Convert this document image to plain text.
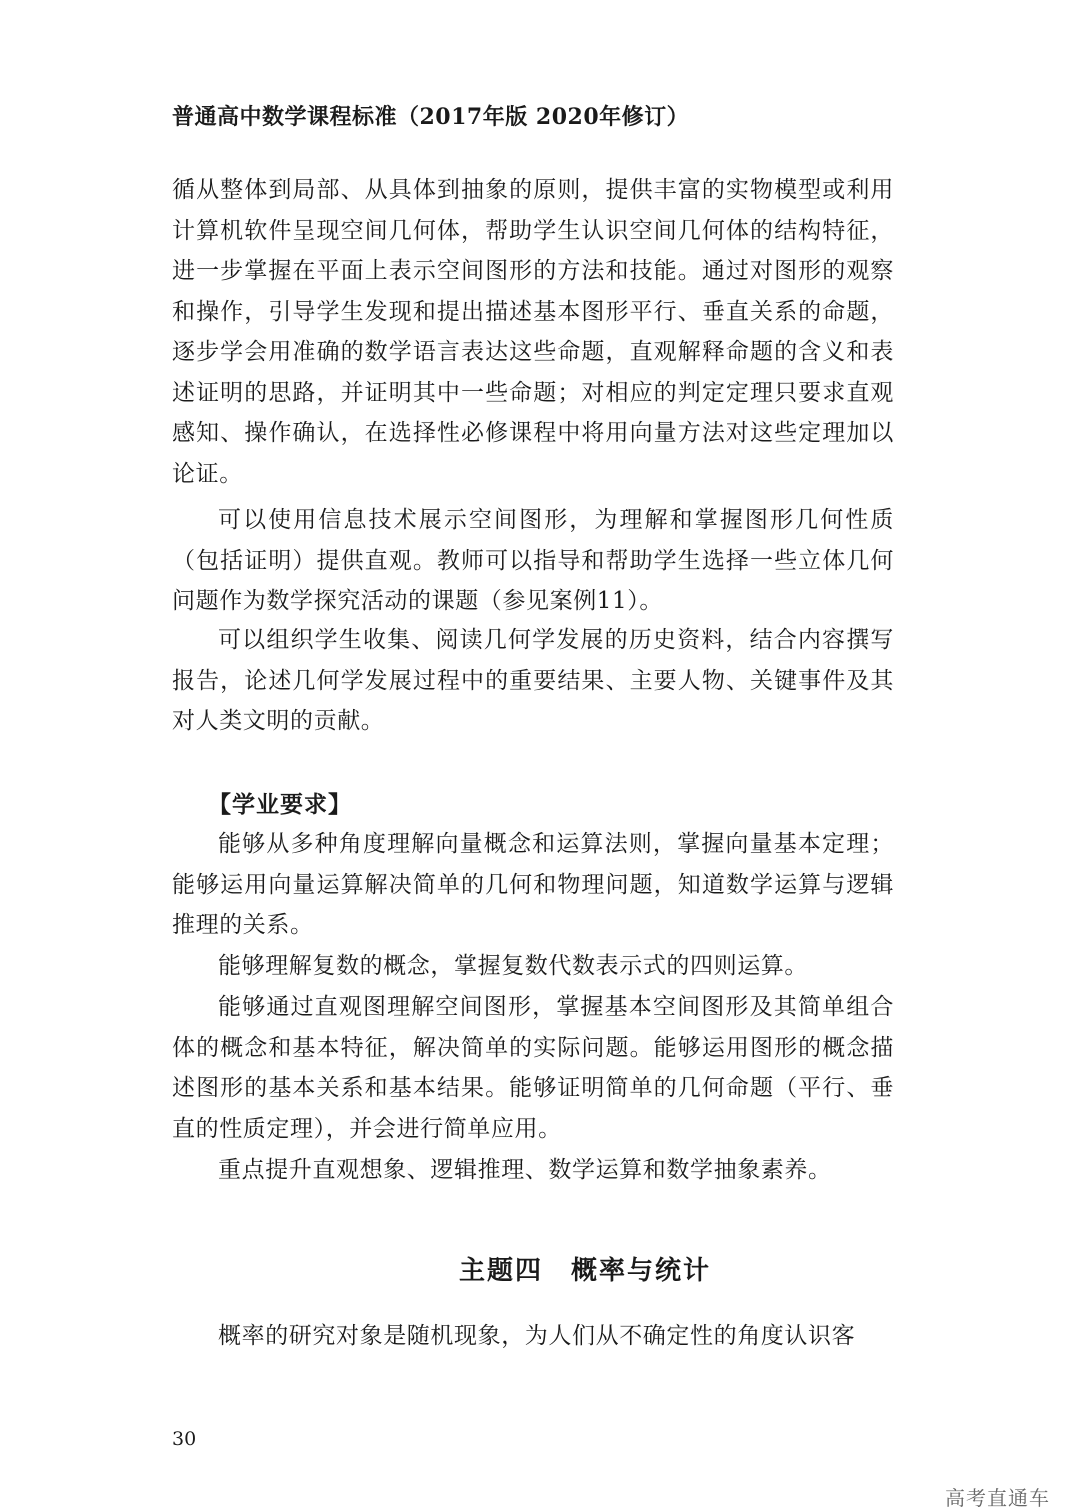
普通高中数学课程标准（2017年版 2020年修订）

循从整体到局部、从具体到抽象的原则，提供丰富的实物模型或利用计算机软件呈现空间几何体，帮助学生认识空间几何体的结构特征，进一步掌握在平面上表示空间图形的方法和技能。通过对图形的观察和操作，引导学生发现和提出描述基本图形平行、垂直关系的命题，逐步学会用准确的数学语言表达这些命题，直观解释命题的含义和表述证明的思路，并证明其中一些命题；对相应的判定定理只要求直观感知、操作确认，在选择性必修课程中将用向量方法对这些定理加以论证。

可以使用信息技术展示空间图形，为理解和掌握图形几何性质（包括证明）提供直观。教师可以指导和帮助学生选择一些立体几何问题作为数学探究活动的课题（参见案例11）。

可以组织学生收集、阅读几何学发展的历史资料，结合内容撰写报告，论述几何学发展过程中的重要结果、主要人物、关键事件及其对人类文明的贡献。

【学业要求】

能够从多种角度理解向量概念和运算法则，掌握向量基本定理；能够运用向量运算解决简单的几何和物理问题，知道数学运算与逻辑推理的关系。

能够理解复数的概念，掌握复数代数表示式的四则运算。

能够通过直观图理解空间图形，掌握基本空间图形及其简单组合体的概念和基本特征，解决简单的实际问题。能够运用图形的概念描述图形的基本关系和基本结果。能够证明简单的几何命题（平行、垂直的性质定理），并会进行简单应用。

重点提升直观想象、逻辑推理、数学运算和数学抽象素养。

主题四　概率与统计

概率的研究对象是随机现象，为人们从不确定性的角度认识客

30
高考直通车
